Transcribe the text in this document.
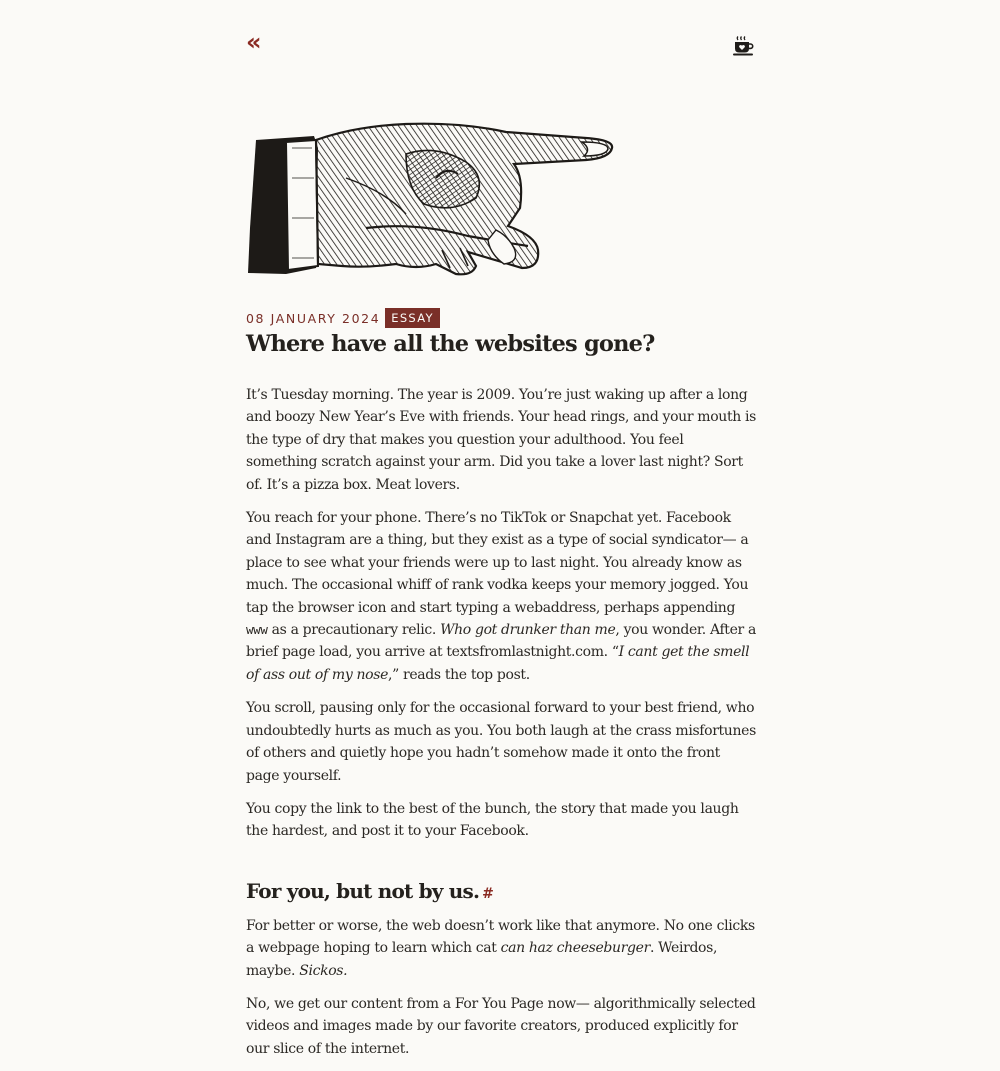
«
08 JANUARY 2024 ESSAY
Where have all the websites gone?

It’s Tuesday morning. The year is 2009. You’re just waking up after a long and boozy New Year’s Eve with friends. Your head rings, and your mouth is the type of dry that makes you question your adulthood. You feel something scratch against your arm. Did you take a lover last night? Sort of. It’s a pizza box. Meat lovers.

You reach for your phone. There’s no TikTok or Snapchat yet. Facebook and Instagram are a thing, but they exist as a type of social syndicator— a place to see what your friends were up to last night. You already know as much. The occasional whiff of rank vodka keeps your memory jogged. You tap the browser icon and start typing a webaddress, perhaps appending www as a precautionary relic. Who got drunker than me, you wonder. After a brief page load, you arrive at textsfromlastnight.com. “I cant get the smell of ass out of my nose,” reads the top post.

You scroll, pausing only for the occasional forward to your best friend, who undoubtedly hurts as much as you. You both laugh at the crass misfortunes of others and quietly hope you hadn’t somehow made it onto the front page yourself.

You copy the link to the best of the bunch, the story that made you laugh the hardest, and post it to your Facebook.

For you, but not by us. #

For better or worse, the web doesn’t work like that anymore. No one clicks a webpage hoping to learn which cat can haz cheeseburger. Weirdos, maybe. Sickos.

No, we get our content from a For You Page now— algorithmically selected videos and images made by our favorite creators, produced explicitly for our slice of the internet.
